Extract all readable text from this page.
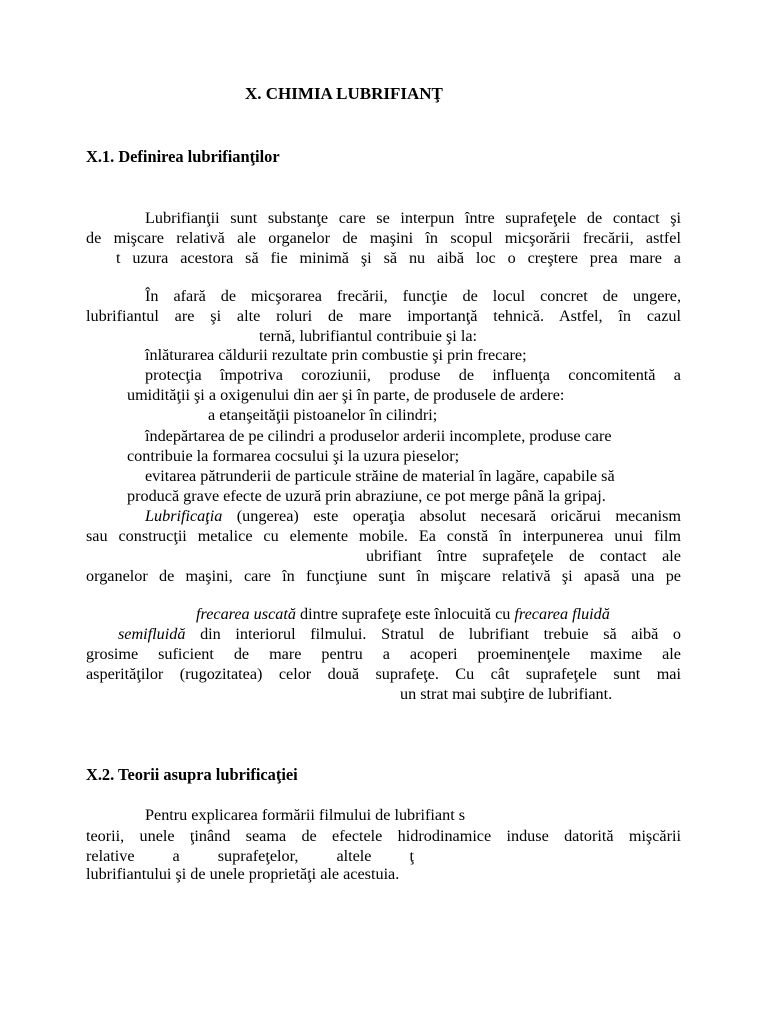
X. CHIMIA LUBRIFIANŢ
X.1. Definirea lubrifianţilor
Lubrifianţii sunt substanţe care se interpun între suprafeţele de contact şi
de mişcare relativă ale organelor de maşini în scopul micşorării frecării, astfel
t uzura acestora să fie minimă şi să nu aibă loc o creştere prea mare a
În afară de micşorarea frecării, funcţie de locul concret de ungere,
lubrifiantul are şi alte roluri de mare importanţă tehnică. Astfel, în cazul
ternă, lubrifiantul contribuie şi la:
înlăturarea căldurii rezultate prin combustie şi prin frecare;
protecţia împotriva coroziunii, produse de influenţa concomitentă a
umidităţii şi a oxigenului din aer şi în parte, de produsele de ardere:
a etanşeităţii pistoanelor în cilindri;
îndepărtarea de pe cilindri a produselor arderii incomplete, produse care
contribuie la formarea cocsului şi la uzura pieselor;
evitarea pătrunderii de particule străine de material în lagăre, capabile să
producă grave efecte de uzură prin abraziune, ce pot merge până la gripaj.
Lubrificaţia (ungerea) este operaţia absolut necesară oricărui mecanism
sau construcţii metalice cu elemente mobile. Ea constă în interpunerea unui film
ubrifiant între suprafeţele de contact ale
organelor de maşini, care în funcţiune sunt în mişcare relativă şi apasă una pe
frecarea uscată dintre suprafeţe este înlocuită cu frecarea fluidă
semifluidă din interiorul filmului. Stratul de lubrifiant trebuie să aibă o
grosime suficient de mare pentru a acoperi proeminenţele maxime ale
asperităţilor (rugozitatea) celor două suprafeţe. Cu cât suprafeţele sunt mai
un strat mai subţire de lubrifiant.
X.2. Teorii asupra lubrificaţiei
Pentru explicarea formării filmului de lubrifiant s
teorii, unele ţinând seama de efectele hidrodinamice induse datorită mişcării
relative a suprafeţelor, altele ţ
lubrifiantului şi de unele proprietăţi ale acestuia.
